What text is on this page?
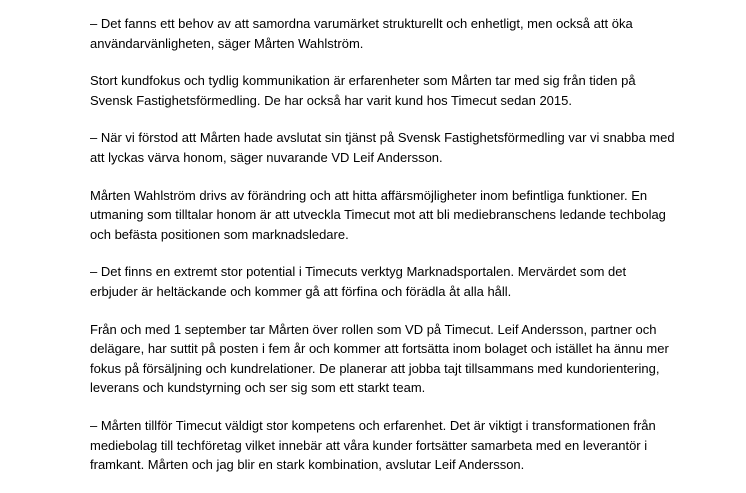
– Det fanns ett behov av att samordna varumärket strukturellt och enhetligt, men också att öka
användarvänligheten, säger Mårten Wahlström.

Stort kundfokus och tydlig kommunikation är erfarenheter som Mårten tar med sig från tiden på
Svensk Fastighetsförmedling. De har också har varit kund hos Timecut sedan 2015.

– När vi förstod att Mårten hade avslutat sin tjänst på Svensk Fastighetsförmedling var vi snabba med
att lyckas värva honom, säger nuvarande VD Leif Andersson.

Mårten Wahlström drivs av förändring och att hitta affärsmöjligheter inom befintliga funktioner. En
utmaning som tilltalar honom är att utveckla Timecut mot att bli mediebranschens ledande techbolag
och befästa positionen som marknadsledare.

– Det finns en extremt stor potential i Timecuts verktyg Marknadsportalen. Mervärdet som det
erbjuder är heltäckande och kommer gå att förfina och förädla åt alla håll.

Från och med 1 september tar Mårten över rollen som VD på Timecut. Leif Andersson, partner och
delägare, har suttit på posten i fem år och kommer att fortsätta inom bolaget och istället ha ännu mer
fokus på försäljning och kundrelationer. De planerar att jobba tajt tillsammans med kundorientering,
leverans och kundstyrning och ser sig som ett starkt team.

– Mårten tillför Timecut väldigt stor kompetens och erfarenhet. Det är viktigt i transformationen från
mediebolag till techföretag vilket innebär att våra kunder fortsätter samarbeta med en leverantör i
framkant. Mårten och jag blir en stark kombination, avslutar Leif Andersson.
